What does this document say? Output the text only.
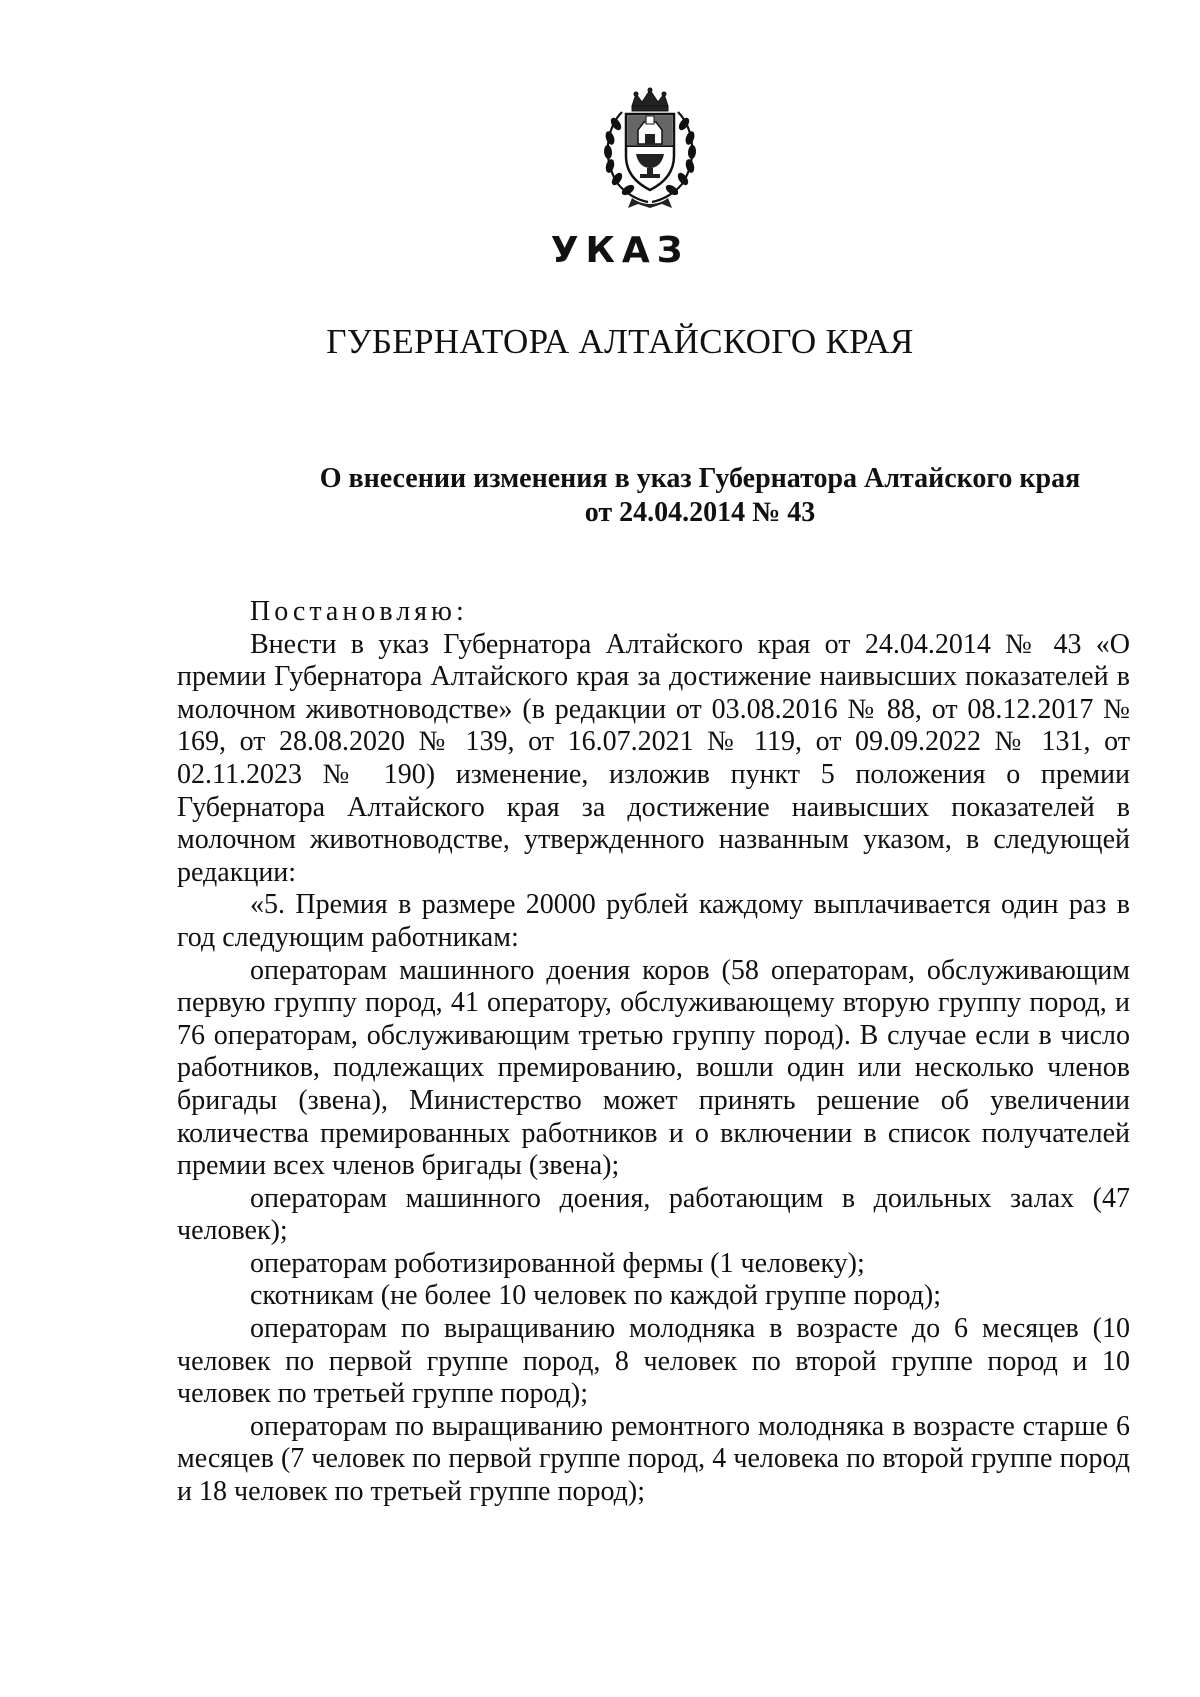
УКАЗ
ГУБЕРНАТОРА АЛТАЙСКОГО КРАЯ
О внесении изменения в указ Губернатора Алтайского края
от 24.04.2014 № 43

Постановляю:

Внести в указ Губернатора Алтайского края от 24.04.2014 № 43 «О премии Губернатора Алтайского края за достижение наивысших показателей в молочном животноводстве» (в редакции от 03.08.2016 № 88, от 08.12.2017 № 169, от 28.08.2020 № 139, от 16.07.2021 № 119, от 09.09.2022 № 131, от 02.11.2023 № 190) изменение, изложив пункт 5 положения о премии Губернатора Алтайского края за достижение наивысших показателей в молочном животноводстве, утвержденного названным указом, в следующей редакции:

«5. Премия в размере 20000 рублей каждому выплачивается один раз в год следующим работникам:

операторам машинного доения коров (58 операторам, обслуживающим первую группу пород, 41 оператору, обслуживающему вторую группу пород, и 76 операторам, обслуживающим третью группу пород). В случае если в число работников, подлежащих премированию, вошли один или несколько членов бригады (звена), Министерство может принять решение об увеличении количества премированных работников и о включении в список получателей премии всех членов бригады (звена);

операторам машинного доения, работающим в доильных залах (47 человек);

операторам роботизированной фермы (1 человеку);

скотникам (не более 10 человек по каждой группе пород);

операторам по выращиванию молодняка в возрасте до 6 месяцев (10 человек по первой группе пород, 8 человек по второй группе пород и 10 человек по третьей группе пород);

операторам по выращиванию ремонтного молодняка в возрасте старше 6 месяцев (7 человек по первой группе пород, 4 человека по второй группе пород и 18 человек по третьей группе пород);
